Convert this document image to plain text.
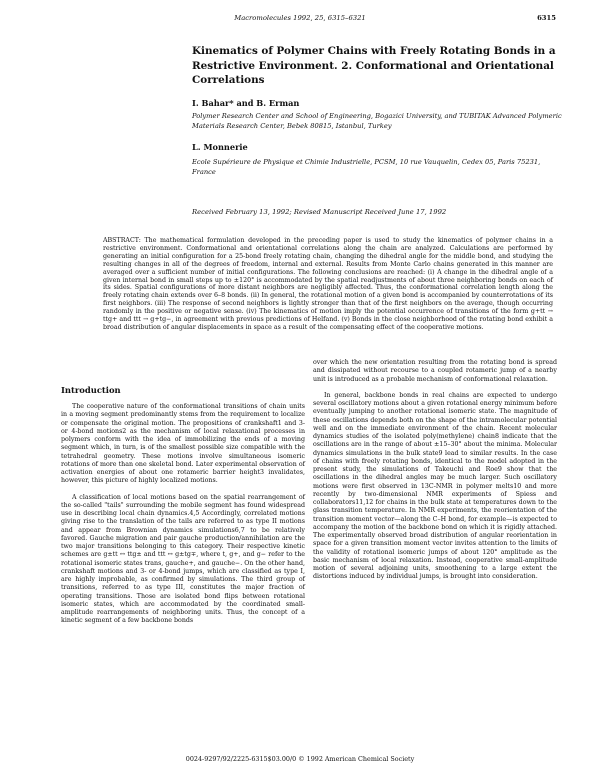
Macromolecules 1992, 25, 6315–6321	6315
Kinematics of Polymer Chains with Freely Rotating Bonds in a Restrictive Environment. 2. Conformational and Orientational Correlations
I. Bahar* and B. Erman
Polymer Research Center and School of Engineering, Bogazici University, and TUBITAK Advanced Polymeric Materials Research Center, Bebek 80815, Istanbul, Turkey
L. Monnerie
Ecole Supérieure de Physique et Chimie Industrielle, PCSM, 10 rue Vauquelin, Cedex 05, Paris 75231, France
Received February 13, 1992; Revised Manuscript Received June 17, 1992
ABSTRACT: The mathematical formulation developed in the preceding paper is used to study the kinematics of polymer chains in a restrictive environment. Conformational and orientational correlations along the chain are analyzed. Calculations are performed by generating an initial configuration for a 25-bond freely rotating chain, changing the dihedral angle for the middle bond, and studying the resulting changes in all of the degrees of freedom, internal and external. Results from Monte Carlo chains generated in this manner are averaged over a sufficient number of initial configurations. The following conclusions are reached: (i) A change in the dihedral angle of a given internal bond in small steps up to ±120° is accommodated by the spatial readjustments of about three neighboring bonds on each of its sides. Spatial configurations of more distant neighbors are negligibly affected. Thus, the conformational correlation length along the freely rotating chain extends over 6–8 bonds. (ii) In general, the rotational motion of a given bond is accompanied by counterrotations of its first neighbors. (iii) The response of second neighbors is lightly stronger than that of the first neighbors on the average, though occurring randomly in the positive or negative sense. (iv) The kinematics of motion imply the potential occurrence of transitions of the form g+tt → ttg+ and ttt → g+tg−, in agreement with previous predictions of Helfand. (v) Bonds in the close neighborhood of the rotating bond exhibit a broad distribution of angular displacements in space as a result of the compensating effect of the cooperative motions.
Introduction

The cooperative nature of the conformational transitions of chain units in a moving segment predominantly stems from the requirement to localize or compensate the original motion. The propositions of crankshaft1 and 3- or 4-bond motions2 as the mechanism of local relaxational processes in polymers conform with the idea of immobilizing the ends of a moving segment which, in turn, is of the smallest possible size compatible with the tetrahedral geometry. These motions involve simultaneous isomeric rotations of more than one skeletal bond. Later experimental observation of activation energies of about one rotameric barrier height3 invalidates, however, this picture of highly localized motions.

A classification of local motions based on the spatial rearrangement of the so-called "tails" surrounding the mobile segment has found widespread use in describing local chain dynamics.4,5 Accordingly, correlated motions giving rise to the translation of the tails are referred to as type II motions and appear from Brownian dynamics simulations6,7 to be relatively favored. Gauche migration and pair gauche production/annihilation are the two major transitions belonging to this category. Their respective kinetic schemes are g±tt ↔ ttg± and ttt ↔ g±tg∓, where t, g+, and g− refer to the rotational isomeric states trans, gauche+, and gauche−. On the other hand, crankshaft motions and 3- or 4-bond jumps, which are classified as type I, are highly improbable, as confirmed by simulations. The third group of transitions, referred to as type III, constitutes the major fraction of operating transitions. Those are isolated bond flips between rotational isomeric states, which are accommodated by the coordinated small-amplitude rearrangements of neighboring units. Thus, the concept of a kinetic segment of a few backbone bonds

over which the new orientation resulting from the rotating bond is spread and dissipated without recourse to a coupled rotameric jump of a nearby unit is introduced as a probable mechanism of conformational relaxation.

In general, backbone bonds in real chains are expected to undergo several oscillatory motions about a given rotational energy minimum before eventually jumping to another rotational isomeric state. The magnitude of these oscillations depends both on the shape of the intramolecular potential well and on the immediate environment of the chain. Recent molecular dynamics studies of the isolated poly(methylene) chain8 indicate that the oscillations are in the range of about ±15–30° about the minima. Molecular dynamics simulations in the bulk state9 lead to similar results. In the case of chains with freely rotating bonds, identical to the model adopted in the present study, the simulations of Takeuchi and Roe9 show that the oscillations in the dihedral angles may be much larger. Such oscillatory motions were first observed in 13C-NMR in polymer melts10 and more recently by two-dimensional NMR experiments of Spiess and collaborators11,12 for chains in the bulk state at temperatures down to the glass transition temperature. In NMR experiments, the reorientation of the transition moment vector—along the C–H bond, for example—is expected to accompany the motion of the backbone bond on which it is rigidly attached. The experimentally observed broad distribution of angular reorientation in space for a given transition moment vector invites attention to the limits of the validity of rotational isomeric jumps of about 120° amplitude as the basic mechanism of local relaxation. Instead, cooperative small-amplitude motion of several adjoining units, smoothening to a large extent the distortions induced by individual jumps, is brought into consideration.

0024-9297/92/2225-6315$03.00/0 © 1992 American Chemical Society
